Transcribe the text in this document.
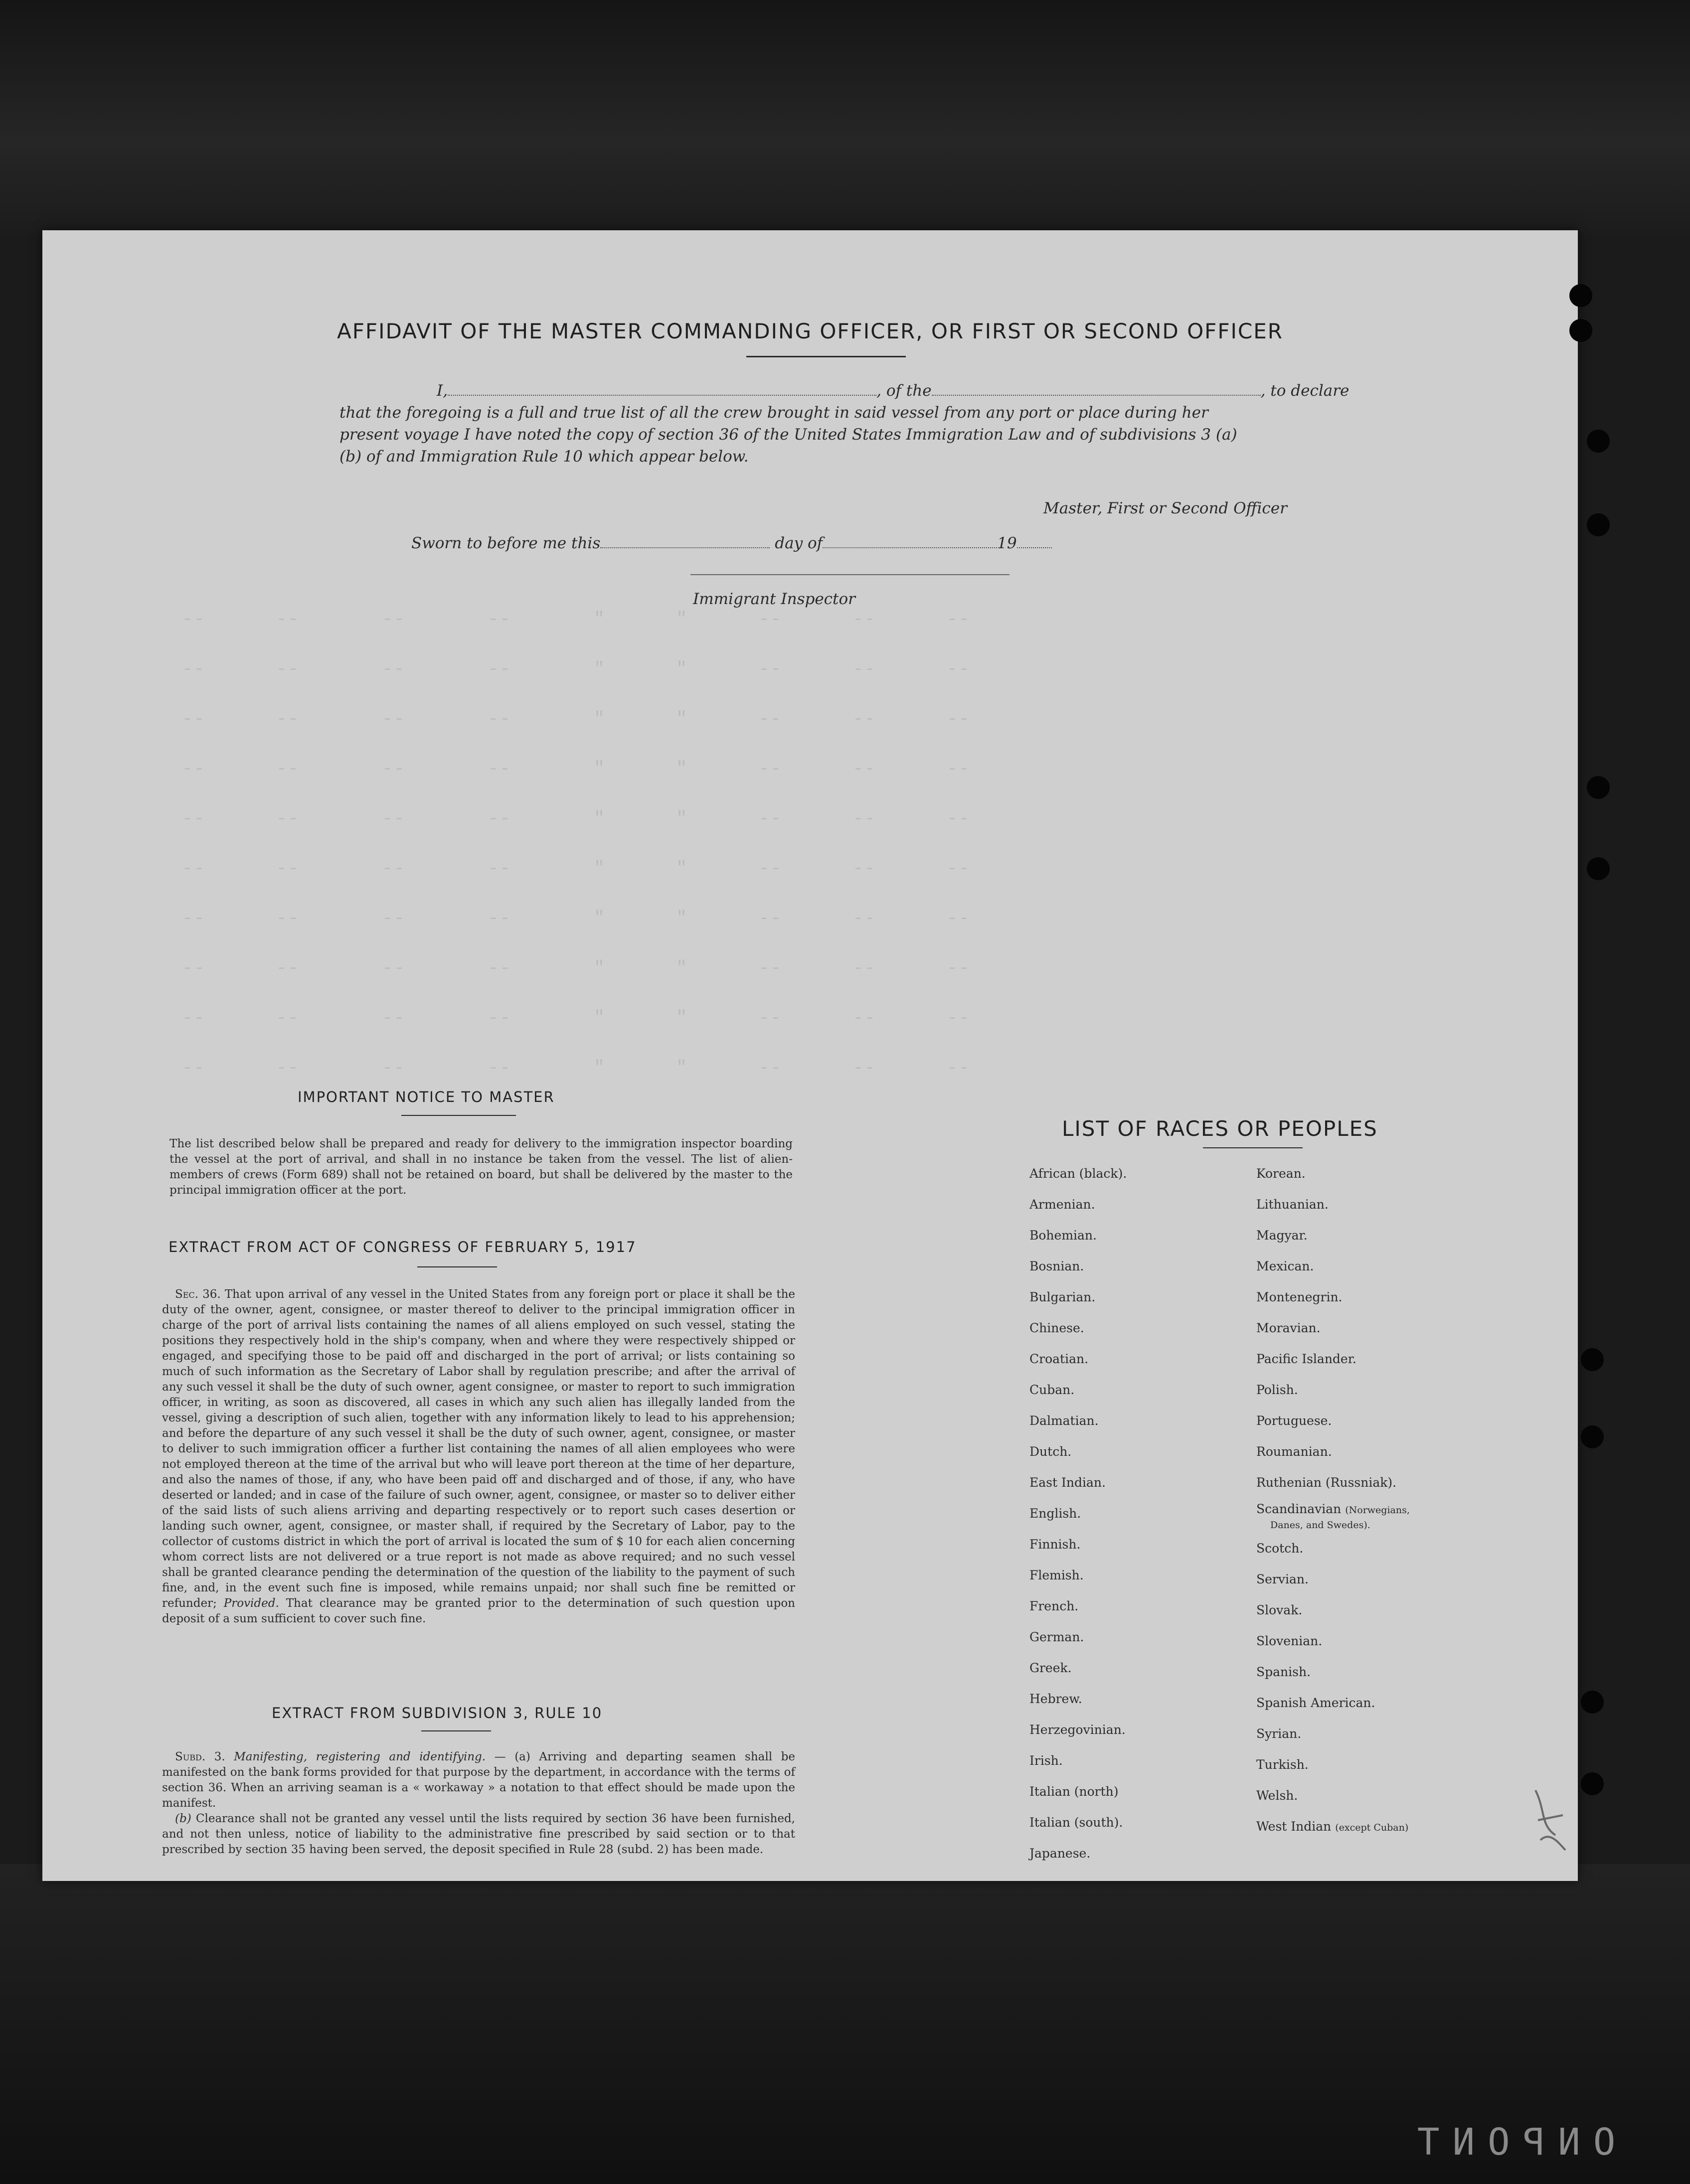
ONPONT
--      --       --       --       "      "      --      --      --
--      --       --       --       "      "      --      --      --
--      --       --       --       "      "      --      --      --
--      --       --       --       "      "      --      --      --
--      --       --       --       "      "      --      --      --
--      --       --       --       "      "      --      --      --
--      --       --       --       "      "      --      --      --
--      --       --       --       "      "      --      --      --
--      --       --       --       "      "      --      --      --
--      --       --       --       "      "      --      --      --
AFFIDAVIT OF THE MASTER COMMANDING OFFICER, OR FIRST OR SECOND OFFICER
I,	, of the	, to declare
that the foregoing is a full and true list of all the crew brought in said vessel from any port or place during her
present voyage I have noted the copy of section 36 of the United States Immigration Law and of subdivisions 3 (a)
(b) of and Immigration Rule 10 which appear below.
Master, First or Second Officer
Sworn to before me this	day of	19
Immigrant Inspector
IMPORTANT NOTICE TO MASTER

The list described below shall be prepared and ready for delivery to the immigration inspector boarding the vessel at the port of arrival, and shall in no instance be taken from the vessel. The list of alien-members of crews (Form 689) shall not be retained on board, but shall be delivered by the master to the principal immigration officer at the port.

EXTRACT FROM ACT OF CONGRESS OF FEBRUARY 5, 1917

Sec. 36. That upon arrival of any vessel in the United States from any foreign port or place it shall be the duty of the owner, agent, consignee, or master thereof to deliver to the principal immigration officer in charge of the port of arrival lists containing the names of all aliens employed on such vessel, stating the positions they respectively hold in the ship's company, when and where they were respectively shipped or engaged, and specifying those to be paid off and discharged in the port of arrival; or lists containing so much of such information as the Secretary of Labor shall by regulation prescribe; and after the arrival of any such vessel it shall be the duty of such owner, agent consignee, or master to report to such immigration officer, in writing, as soon as discovered, all cases in which any such alien has illegally landed from the vessel, giving a description of such alien, together with any information likely to lead to his apprehension; and before the departure of any such vessel it shall be the duty of such owner, agent, consignee, or master to deliver to such immigration officer a further list containing the names of all alien employees who were not employed thereon at the time of the arrival but who will leave port thereon at the time of her departure, and also the names of those, if any, who have been paid off and discharged and of those, if any, who have deserted or landed; and in case of the failure of such owner, agent, consignee, or master so to deliver either of the said lists of such aliens arriving and departing respectively or to report such cases desertion or landing such owner, agent, consignee, or master shall, if required by the Secretary of Labor, pay to the collector of customs district in which the port of arrival is located the sum of $ 10 for each alien concerning whom correct lists are not delivered or a true report is not made as above required; and no such vessel shall be granted clearance pending the determination of the question of the liability to the payment of such fine, and, in the event such fine is imposed, while remains unpaid; nor shall such fine be remitted or refunder; Provided. That clearance may be granted prior to the determination of such question upon deposit of a sum sufficient to cover such fine.

EXTRACT FROM SUBDIVISION 3, RULE 10

Subd. 3. Manifesting, registering and identifying. — (a) Arriving and departing seamen shall be manifested on the bank forms provided for that purpose by the department, in accordance with the terms of section 36. When an arriving seaman is a « workaway » a notation to that effect should be made upon the manifest.

(b) Clearance shall not be granted any vessel until the lists required by section 36 have been furnished, and not then unless, notice of liability to the administrative fine prescribed by said section or to that prescribed by section 35 having been served, the deposit specified in Rule 28 (subd. 2) has been made.

LIST OF RACES OR PEOPLES
African (black).
Armenian.
Bohemian.
Bosnian.
Bulgarian.
Chinese.
Croatian.
Cuban.
Dalmatian.
Dutch.
East Indian.
English.
Finnish.
Flemish.
French.
German.
Greek.
Hebrew.
Herzegovinian.
Irish.
Italian (north)
Italian (south).
Japanese.
Korean.
Lithuanian.
Magyar.
Mexican.
Montenegrin.
Moravian.
Pacific Islander.
Polish.
Portuguese.
Roumanian.
Ruthenian (Russniak).
Scandinavian (Norwegians,
Danes, and Swedes).
Scotch.
Servian.
Slovak.
Slovenian.
Spanish.
Spanish American.
Syrian.
Turkish.
Welsh.
West Indian (except Cuban)
